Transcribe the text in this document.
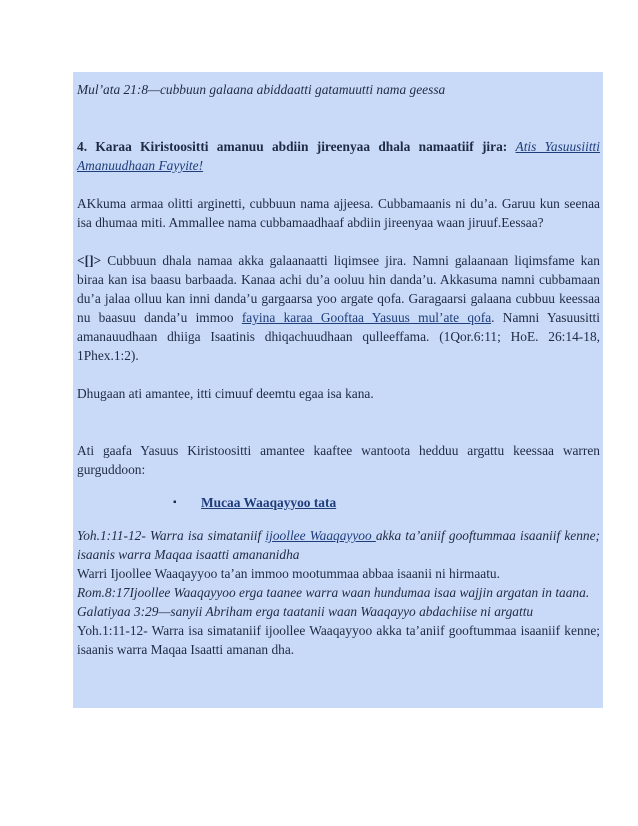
Mul’ata 21:8—cubbuun galaana abiddaatti gatamuutti nama geessa

4. Karaa Kiristoositti amanuu abdiin jireenyaa dhala namaatiif jira: Atis Yasuusiitti Amanuudhaan Fayyite!

AKkuma armaa olitti arginetti, cubbuun nama ajjeesa. Cubbamaanis ni du’a. Garuu kun seenaa isa dhumaa miti. Ammallee nama cubbamaadhaaf abdiin jireenyaa waan jiruuf.Eessaa?

<[]> Cubbuun dhala namaa akka galaanaatti liqimsee jira. Namni galaanaan liqimsfame kan biraa kan isa baasu barbaada. Kanaa achi du’a ooluu hin danda’u. Akkasuma namni cubbamaan du’a jalaa olluu kan inni danda’u gargaarsa yoo argate qofa. Garagaarsi galaana cubbuu keessaa nu baasuu danda’u immoo fayina karaa Gooftaa Yasuus mul’ate qofa. Namni Yasuusitti amanauudhaan dhiiga Isaatinis dhiqachuudhaan qulleeffama. (1Qor.6:11; HoE. 26:14-18, 1Phex.1:2).

Dhugaan ati amantee, itti cimuuf deemtu egaa isa kana.

Ati gaafa Yasuus Kiristoositti amantee kaaftee wantoota hedduu argattu keessaa warren gurguddoon:

▪	Mucaa Waaqayyoo tata

Yoh.1:11-12- Warra isa simataniif ijoollee Waaqayyoo akka ta’aniif gooftummaa isaaniif kenne; isaanis warra Maqaa isaatti amananidha

Warri Ijoollee Waaqayyoo ta’an immoo mootummaa abbaa isaanii ni hirmaatu.

Rom.8:17Ijoollee Waaqayyoo erga taanee warra waan hundumaa isaa wajjin argatan in taana.

Galatiyaa 3:29—sanyii Abriham erga taatanii waan Waaqayyo abdachiise ni argattu

Yoh.1:11-12- Warra isa simataniif ijoollee Waaqayyoo akka ta’aniif gooftummaa isaaniif kenne; isaanis warra Maqaa Isaatti amanan dha.
